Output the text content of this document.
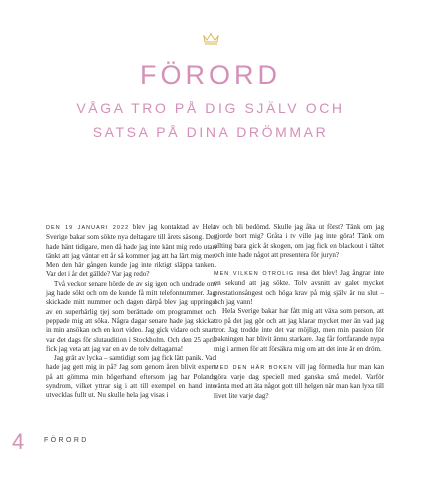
FÖRORD
VÅGA TRO PÅ DIG SJÄLV OCH SATSA PÅ DINA DRÖMMAR

DEN 19 JANUARI 2022 blev jag kontaktad av Hela Sverige bakar som sökte nya deltagare till årets säsong. Det hade hänt tidigare, men då hade jag inte känt mig redo utan tänkt att jag väntar ett år så kommer jag att ha lärt mig mer. Men den här gången kunde jag inte riktigt släppa tanken. Var det i år det gällde? Var jag redo?

Två veckor senare hörde de av sig igen och undrade om jag hade sökt och om de kunde få mitt telefonnummer. Jag skickade mitt nummer och dagen därpå blev jag uppringd av en superhärlig tjej som berättade om programmet och peppade mig att söka. Några dagar senare hade jag skickat in min ansökan och en kort video. Jag gick vidare och snart var det dags för slutaudition i Stockholm. Och den 25 april fick jag veta att jag var en av de tolv deltagarna!

Jag grät av lycka – samtidigt som jag fick lätt panik. Vad hade jag gett mig in på? Jag som genom åren blivit expert på att gömma min högerhand eftersom jag har Polands syndrom, vilket yttrar sig i att till exempel en hand inte utvecklas fullt ut. Nu skulle hela jag visas i

tv och bli bedömd. Skulle jag åka ut först? Tänk om jag gjorde bort mig? Gråta i tv ville jag inte göra! Tänk om allting bara gick åt skogen, om jag fick en blackout i tältet och inte hade något att presentera för juryn?

MEN VILKEN OTROLIG resa det blev! Jag ångrar inte en sekund att jag sökte. Tolv avsnitt av galet mycket prestationsångest och höga krav på mig själv är nu slut – och jag vann!

Hela Sverige bakar har fått mig att växa som person, att tro på det jag gör och att jag klarar mycket mer än vad jag tror. Jag trodde inte det var möjligt, men min passion för bakningen har blivit ännu starkare. Jag får fortfarande nypa mig i armen för att försäkra mig om att det inte är en dröm.

MED DEN HÄR BOKEN vill jag förmedla hur man kan göra varje dag speciell med ganska små medel. Varför vänta med att äta något gott till helgen när man kan lyxa till livet lite varje dag?

4	FÖRORD
